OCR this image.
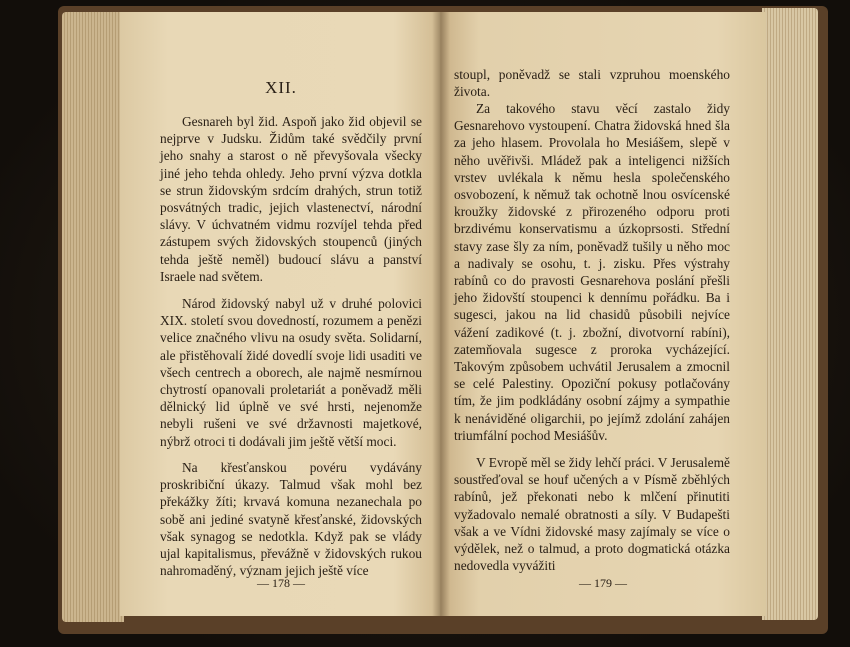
XII.

Gesnareh byl žid. Aspoň jako žid objevil se nejprve v Judsku. Židům také svědčily první jeho snahy a starost o ně převyšovala všecky jiné jeho tehda ohledy. Jeho první výzva dotkla se strun židovským srdcím drahých, strun totiž posvátných tradic, jejich vlastenectví, národní slávy. V úchvatném vidmu rozvíjel tehda před zástupem svých židovských stoupenců (jiných tehda ještě neměl) budoucí slávu a panství Israele nad světem.

Národ židovský nabyl už v druhé polovici XIX. století svou dovedností, rozumem a penězi velice značného vlivu na osudy světa. Solidarní, ale přistěhovalí židé dovedlí svoje lidi usaditi ve všech centrech a oborech, ale najmě nesmírnou chytrostí opanovali proletariát a poněvadž měli dělnický lid úplně ve své hrsti, nejenomže nebyli rušeni ve své državnosti majetkové, nýbrž otroci ti dodávali jim ještě větší moci.

Na křesťanskou povéru vydávány proskribiční úkazy. Talmud však mohl bez překážky žíti; krvavá komuna nezanechala po sobě ani jediné svatyně křesťanské, židovských však synagog se nedotkla. Když pak se vlády ujal kapitalismus, převážně v židovských rukou nahromaděný, význam jejich ještě více

— 178 —

stoupl, poněvadž se stali vzpruhou moenského života.

Za takového stavu věcí zastalo židy Gesnarehovo vystoupení. Chatra židovská hned šla za jeho hlasem. Provolala ho Mesiášem, slepě v něho uvěřivši. Mládež pak a inteligenci nižších vrstev uvlékala k němu hesla společenského osvobození, k němuž tak ochotně lnou osvícenské kroužky židovské z přirozeného odporu proti brzdivému konservatismu a úzkoprsosti. Střední stavy zase šly za ním, poněvadž tušily u něho moc a nadivaly se osohu, t. j. zisku. Přes výstrahy rabínů co do pravosti Gesnarehova poslání přešli jeho židovští stoupenci k dennímu pořádku. Ba i sugesci, jakou na lid chasidů působili nejvíce vážení zadikové (t. j. zbožní, divotvorní rabíni), zatemňovala sugesce z proroka vycházející. Takovým způsobem uchvátil Jerusalem a zmocnil se celé Palestiny. Opoziční pokusy potlačovány tím, že jim podkládány osobní zájmy a sympathie k nenáviděné oligarchii, po jejímž zdolání zahájen triumfální pochod Mesiášův.

V Evropě měl se židy lehčí práci. V Jerusalemě soustřeďoval se houf učených a v Písmě zběhlých rabínů, jež překonati nebo k mlčení přinutiti vyžadovalo nemalé obratnosti a síly. V Budapešti však a ve Vídni židovské masy zajímaly se více o výdělek, než o talmud, a proto dogmatická otázka nedovedla vyvážiti

— 179 —
